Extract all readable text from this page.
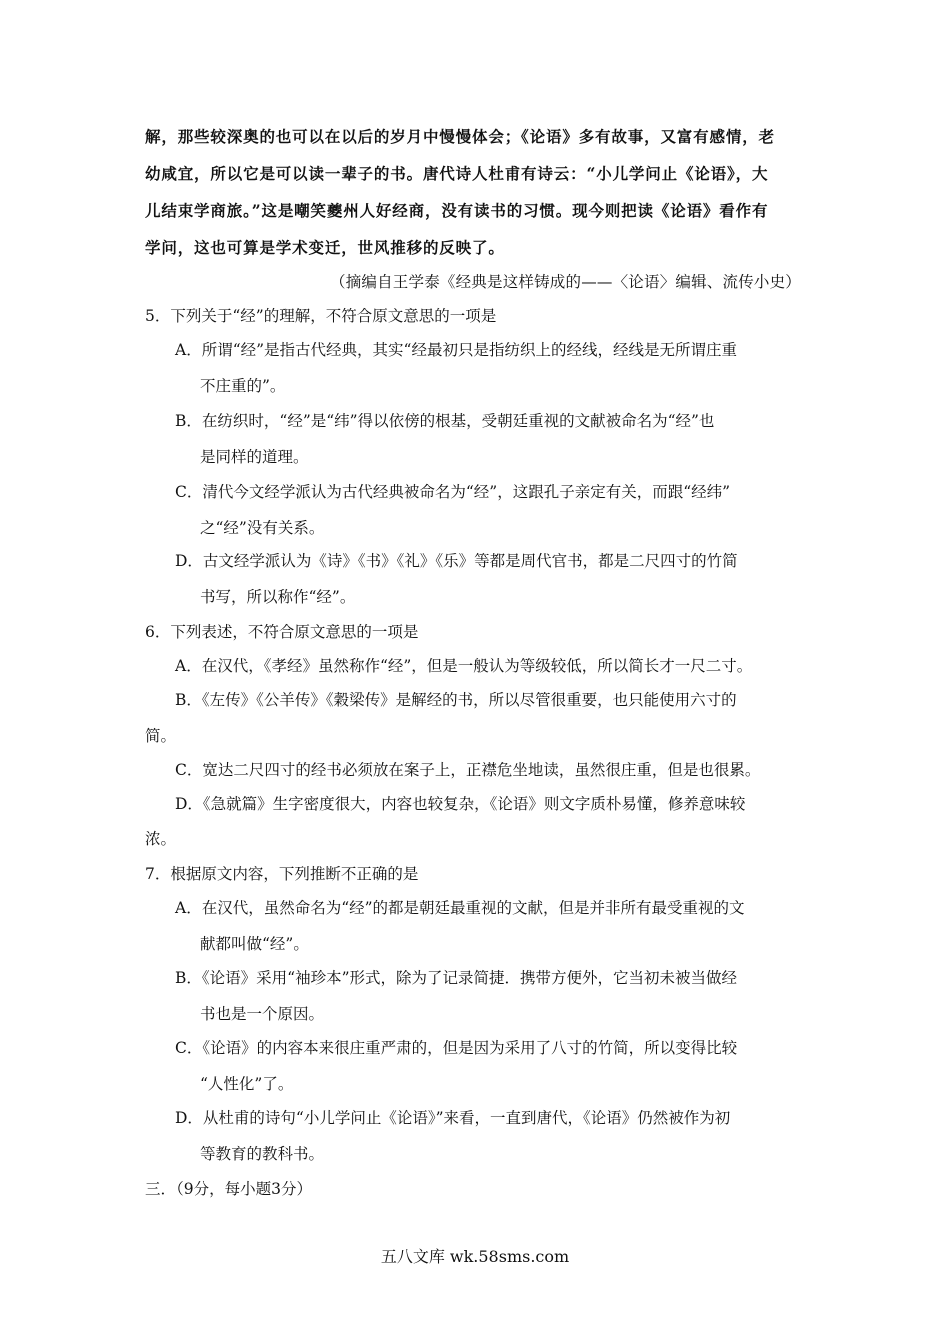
解，那些较深奥的也可以在以后的岁月中慢慢体会；《论语》多有故事，又富有感情，老
幼咸宜，所以它是可以读一辈子的书。唐代诗人杜甫有诗云：“小儿学问止《论语》，大
儿结束学商旅。”这是嘲笑夔州人好经商，没有读书的习惯。现今则把读《论语》看作有
学问，这也可算是学术变迁，世风推移的反映了。
（摘编自王学泰《经典是这样铸成的——〈论语〉编辑、流传小史）
5．下列关于“经”的理解，不符合原文意思的一项是
A．所谓“经”是指古代经典，其实“经最初只是指纺织上的经线，经线是无所谓庄重
不庄重的”。
B．在纺织时，“经”是“纬”得以依傍的根基，受朝廷重视的文献被命名为“经”也
是同样的道理。
C．清代今文经学派认为古代经典被命名为“经”，这跟孔子亲定有关，而跟“经纬”
之“经”没有关系。
D．古文经学派认为《诗》《书》《礼》《乐》等都是周代官书，都是二尺四寸的竹简
书写，所以称作“经”。
6．下列表述，不符合原文意思的一项是
A．在汉代，《孝经》虽然称作“经”，但是一般认为等级较低，所以简长才一尺二寸。
B．《左传》《公羊传》《穀梁传》是解经的书，所以尽管很重要，也只能使用六寸的
简。
C．宽达二尺四寸的经书必须放在案子上，正襟危坐地读，虽然很庄重，但是也很累。
D．《急就篇》生字密度很大，内容也较复杂，《论语》则文字质朴易懂，修养意味较
浓。
7．根据原文内容，下列推断不正确的是
A．在汉代，虽然命名为“经”的都是朝廷最重视的文献，但是并非所有最受重视的文
献都叫做“经”。
B．《论语》采用“袖珍本”形式，除为了记录简捷．携带方便外，它当初未被当做经
书也是一个原因。
C．《论语》的内容本来很庄重严肃的，但是因为采用了八寸的竹简，所以变得比较
“人性化”了。
D．从杜甫的诗句“小儿学问止《论语》”来看，一直到唐代，《论语》仍然被作为初
等教育的教科书。
三．（9分，每小题3分）
五八文库 wk.58sms.com
